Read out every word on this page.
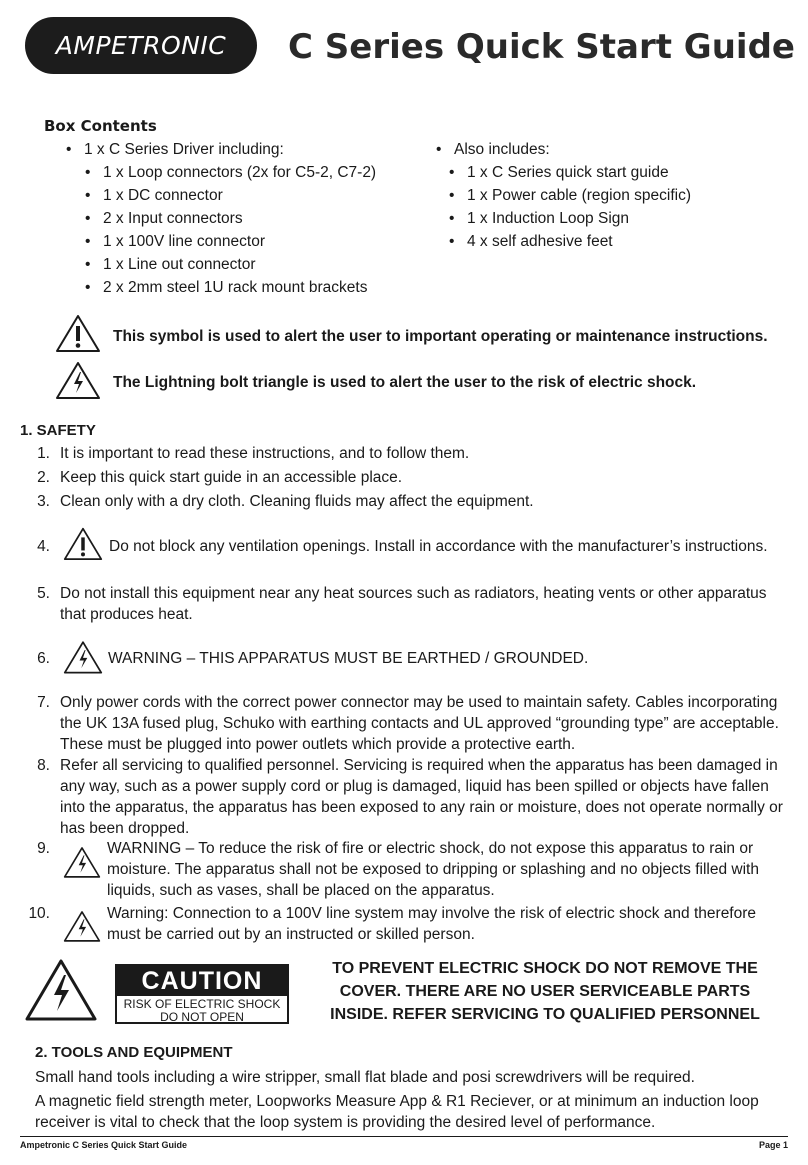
AMPETRONIC	C Series Quick Start Guide
Box Contents
• 1 x C Series Driver including:
• 1 x Loop connectors (2x for C5-2, C7-2)
• 1 x DC connector
• 2 x Input connectors
• 1 x 100V line connector
• 1 x Line out connector
• 2 x 2mm steel 1U rack mount brackets
• Also includes:
• 1 x C Series quick start guide
• 1 x Power cable (region specific)
• 1 x Induction Loop Sign
• 4 x self adhesive feet
This symbol is used to alert the user to important operating or maintenance instructions.
The Lightning bolt triangle is used to alert the user to the risk of electric shock.
1. SAFETY
1. It is important to read these instructions, and to follow them.
2. Keep this quick start guide in an accessible place.
3. Clean only with a dry cloth. Cleaning fluids may affect the equipment.
4.	Do not block any ventilation openings. Install in accordance with the manufacturer’s instructions.
5. Do not install this equipment near any heat sources such as radiators, heating vents or other apparatus that produces heat.
6.	WARNING – THIS APPARATUS MUST BE EARTHED / GROUNDED.
7. Only power cords with the correct power connector may be used to maintain safety. Cables incorporating the UK 13A fused plug, Schuko with earthing contacts and UL approved “grounding type” are acceptable. These must be plugged into power outlets which provide a protective earth.
8. Refer all servicing to qualified personnel. Servicing is required when the apparatus has been damaged in any way, such as a power supply cord or plug is damaged, liquid has been spilled or objects have fallen into the apparatus, the apparatus has been exposed to any rain or moisture, does not operate normally or has been dropped.
9.	WARNING – To reduce the risk of fire or electric shock, do not expose this apparatus to rain or moisture. The apparatus shall not be exposed to dripping or splashing and no objects filled with liquids, such as vases, shall be placed on the apparatus.
10.	Warning: Connection to a 100V line system may involve the risk of electric shock and therefore must be carried out by an instructed or skilled person.
CAUTION
RISK OF ELECTRIC SHOCK
DO NOT OPEN
TO PREVENT ELECTRIC SHOCK DO NOT REMOVE THE
COVER. THERE ARE NO USER SERVICEABLE PARTS
INSIDE. REFER SERVICING TO QUALIFIED PERSONNEL
2. TOOLS AND EQUIPMENT
Small hand tools including a wire stripper, small flat blade and posi screwdrivers will be required.
A magnetic field strength meter, Loopworks Measure App & R1 Reciever, or at minimum an induction loop receiver is vital to check that the loop system is providing the desired level of performance.
Ampetronic C Series Quick Start Guide	Page 1
